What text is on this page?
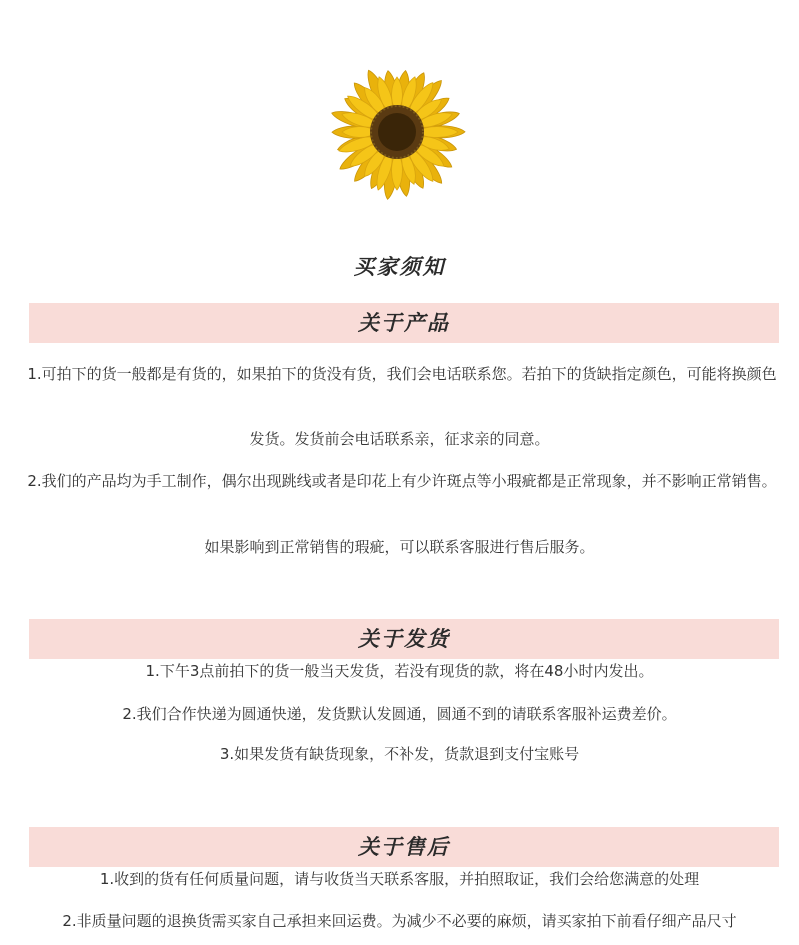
买家须知
关于产品
1.可拍下的货一般都是有货的，如果拍下的货没有货，我们会电话联系您。若拍下的货缺指定颜色，可能将换颜色
发货。发货前会电话联系亲，征求亲的同意。
2.我们的产品均为手工制作，偶尔出现跳线或者是印花上有少许斑点等小瑕疵都是正常现象，并不影响正常销售。
如果影响到正常销售的瑕疵，可以联系客服进行售后服务。
关于发货
1.下午3点前拍下的货一般当天发货，若没有现货的款，将在48小时内发出。
2.我们合作快递为圆通快递，发货默认发圆通，圆通不到的请联系客服补运费差价。
3.如果发货有缺货现象，不补发，货款退到支付宝账号
关于售后
1.收到的货有任何质量问题，请与收货当天联系客服，并拍照取证，我们会给您满意的处理
2.非质量问题的退换货需买家自己承担来回运费。为减少不必要的麻烦，请买家拍下前看仔细产品尺寸
